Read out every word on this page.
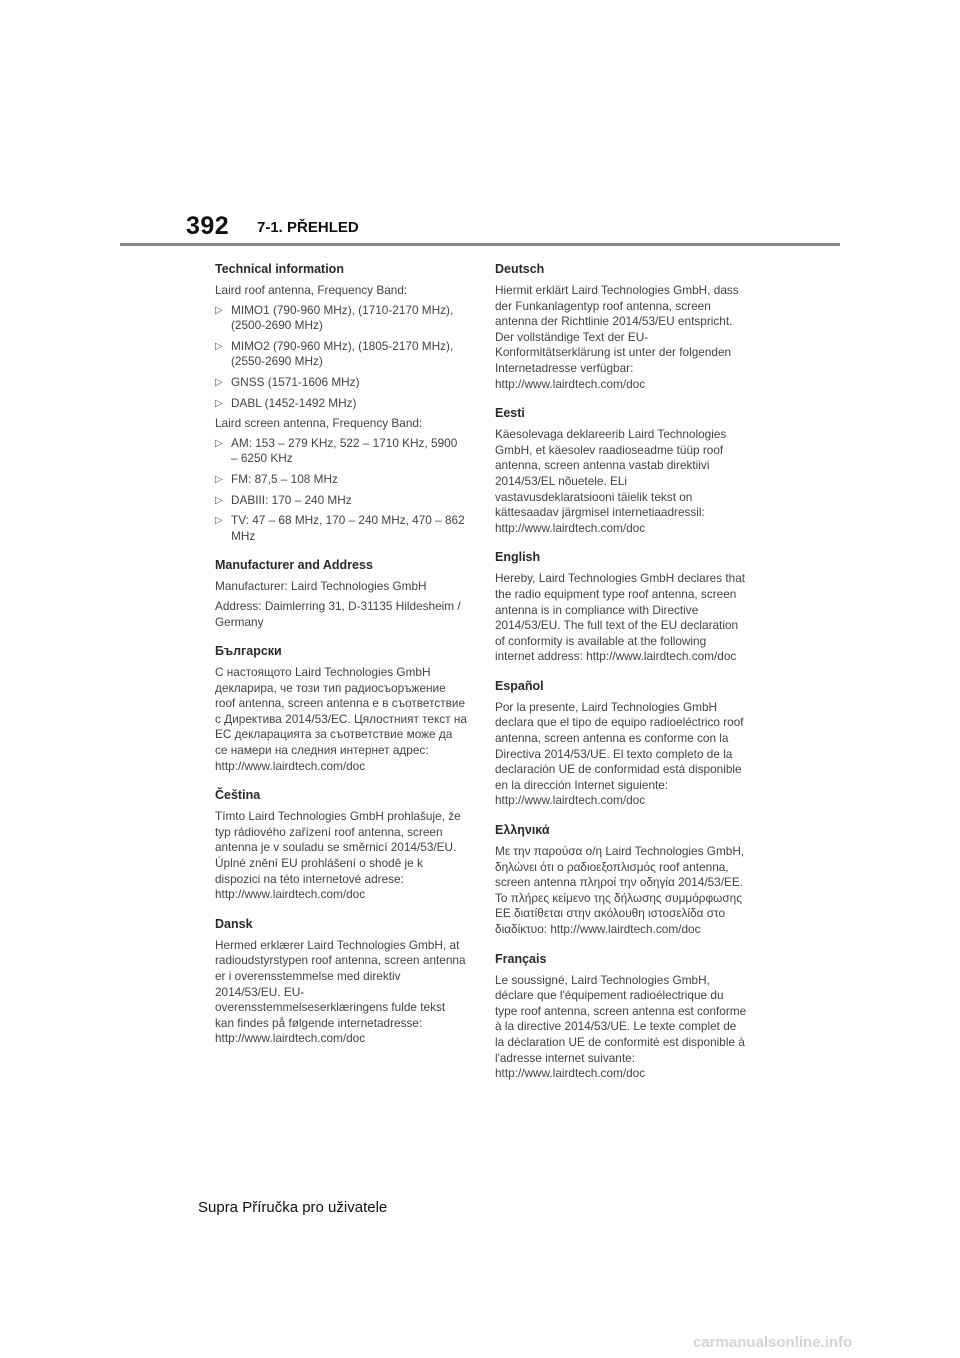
392 7-1. PŘEHLED
Technical information

Laird roof antenna, Frequency Band:

▷ MIMO1 (790-960 MHz), (1710-2170 MHz), (2500-2690 MHz)
▷ MIMO2 (790-960 MHz), (1805-2170 MHz), (2550-2690 MHz)
▷ GNSS (1571-1606 MHz)
▷ DABL (1452-1492 MHz)

Laird screen antenna, Frequency Band:

▷ AM: 153 – 279 KHz, 522 – 1710 KHz, 5900 – 6250 KHz
▷ FM: 87,5 – 108 MHz
▷ DABIII: 170 – 240 MHz
▷ TV: 47 – 68 MHz, 170 – 240 MHz, 470 – 862 MHz
Manufacturer and Address

Manufacturer: Laird Technologies GmbH

Address: Daimlerring 31, D-31135 Hildesheim / Germany

Български

С настоящото Laird Technologies GmbH декларира, че този тип радиосъоръжение roof antenna, screen antenna е в съответствие с Директива 2014/53/ЕС. Цялостният текст на ЕС декларацията за съответствие може да се намери на следния интернет адрес: http://www.lairdtech.com/doc

Čeština

Tímto Laird Technologies GmbH prohlašuje, že typ rádiového zařízení roof antenna, screen antenna je v souladu se směrnicí 2014/53/EU. Úplné znění EU prohlášení o shodě je k dispozici na této internetové adrese: http://www.lairdtech.com/doc

Dansk

Hermed erklærer Laird Technologies GmbH, at radioudstyrstypen roof antenna, screen antenna er i overensstemmelse med direktiv 2014/53/EU. EU-overensstemmelseserklæringens fulde tekst kan findes på følgende internetadresse: http://www.lairdtech.com/doc

Deutsch

Hiermit erklärt Laird Technologies GmbH, dass der Funkanlagentyp roof antenna, screen antenna der Richtlinie 2014/53/EU entspricht. Der vollständige Text der EU-Konformitätserklärung ist unter der folgenden Internetadresse verfügbar: http://www.lairdtech.com/doc

Eesti

Käesolevaga deklareerib Laird Technologies GmbH, et käesolev raadioseadme tüüp roof antenna, screen antenna vastab direktiivi 2014/53/EL nõuetele. ELi vastavusdeklaratsiooni täielik tekst on kättesaadav järgmisel internetiaadressil: http://www.lairdtech.com/doc

English

Hereby, Laird Technologies GmbH declares that the radio equipment type roof antenna, screen antenna is in compliance with Directive 2014/53/EU. The full text of the EU declaration of conformity is available at the following internet address: http://www.lairdtech.com/doc

Español

Por la presente, Laird Technologies GmbH declara que el tipo de equipo radioeléctrico roof antenna, screen antenna es conforme con la Directiva 2014/53/UE. El texto completo de la declaración UE de conformidad está disponible en la dirección Internet siguiente: http://www.lairdtech.com/doc

Ελληνικά

Με την παρούσα ο/η Laird Technologies GmbH, δηλώνει ότι ο ραδιοεξοπλισμός roof antenna, screen antenna πληροί την οδηγία 2014/53/ΕΕ. Το πλήρες κείμενο της δήλωσης συμμόρφωσης ΕΕ διατίθεται στην ακόλουθη ιστοσελίδα στο διαδίκτυο: http://www.lairdtech.com/doc

Français

Le soussigné, Laird Technologies GmbH, déclare que l'équipement radioélectrique du type roof antenna, screen antenna est conforme à la directive 2014/53/UE. Le texte complet de la déclaration UE de conformité est disponible à l'adresse internet suivante: http://www.lairdtech.com/doc

Supra Příručka pro uživatele
carmanualsonline.info
